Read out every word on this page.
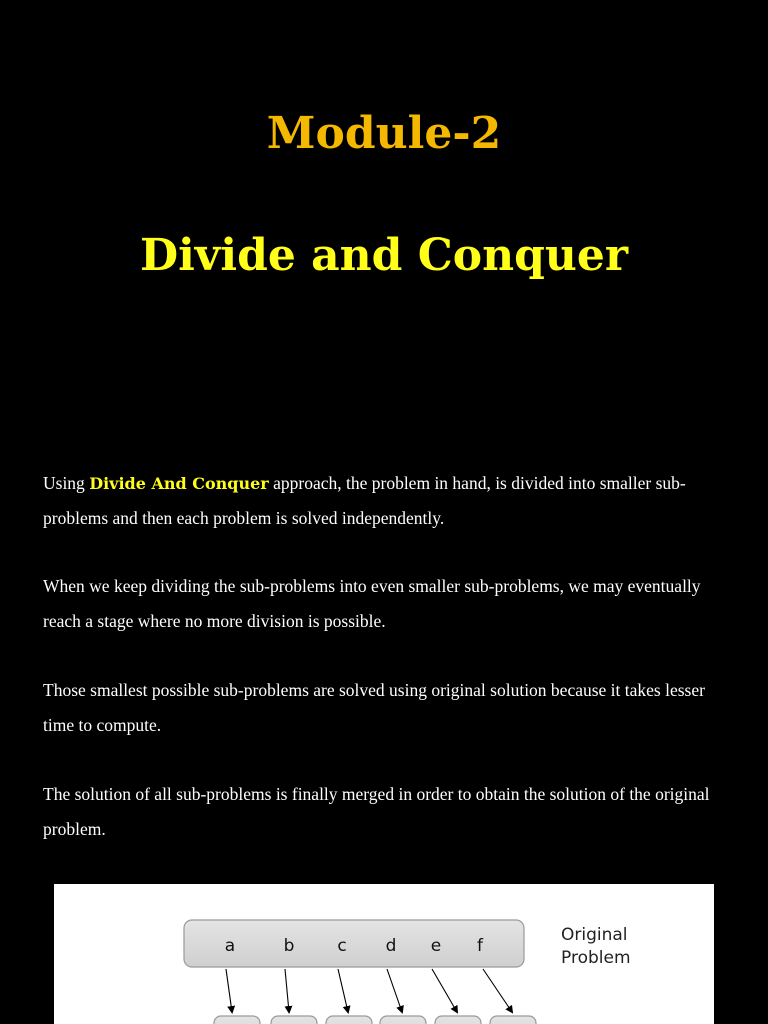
Module-2
Divide and Conquer

Using Divide And Conquer approach, the problem in hand, is divided into smaller sub-problems and then each problem is solved independently.

When we keep dividing the sub-problems into even smaller sub-problems, we may eventually reach a stage where no more division is possible.

Those smallest possible sub-problems are solved using original solution because it takes lesser time to compute.

The solution of all sub-problems is finally merged in order to obtain the solution of the original problem.

Original
Problem
a	b	c d e f
